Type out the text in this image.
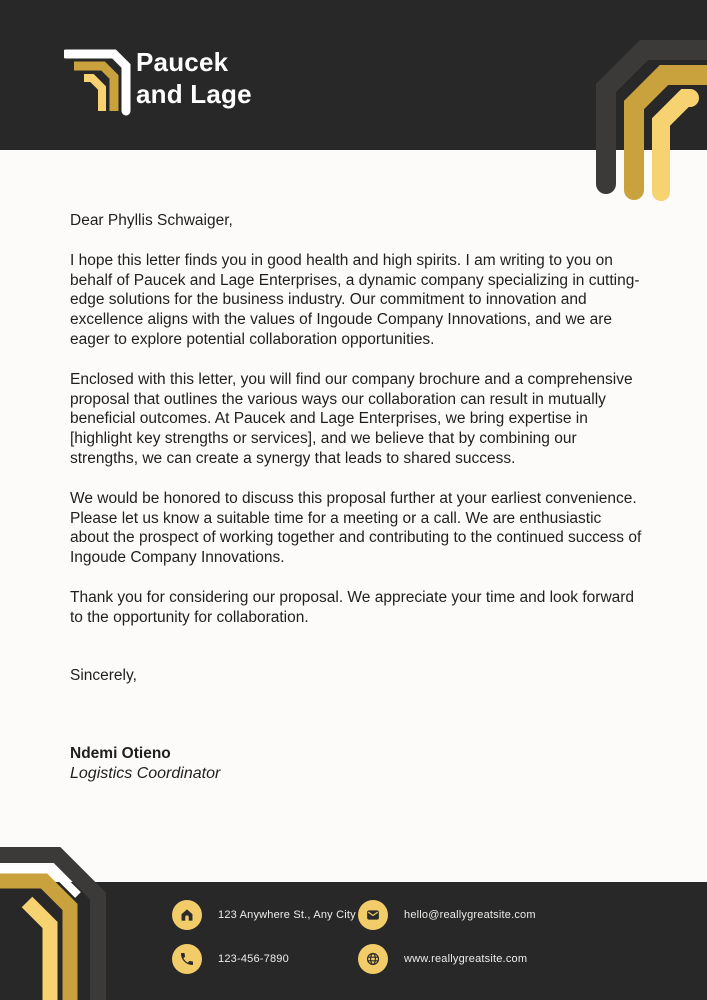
Paucek
and Lage
Dear Phyllis Schwaiger,

I hope this letter finds you in good health and high spirits. I am writing to you on behalf of Paucek and Lage Enterprises, a dynamic company specializing in cutting-edge solutions for the business industry. Our commitment to innovation and excellence aligns with the values of Ingoude Company Innovations, and we are eager to explore potential collaboration opportunities.

Enclosed with this letter, you will find our company brochure and a comprehensive proposal that outlines the various ways our collaboration can result in mutually beneficial outcomes. At Paucek and Lage Enterprises, we bring expertise in [highlight key strengths or services], and we believe that by combining our strengths, we can create a synergy that leads to shared success.

We would be honored to discuss this proposal further at your earliest convenience. Please let us know a suitable time for a meeting or a call. We are enthusiastic about the prospect of working together and contributing to the continued success of Ingoude Company Innovations.

Thank you for considering our proposal. We appreciate your time and look forward to the opportunity for collaboration.

Sincerely,
Ndemi Otieno
Logistics Coordinator
123 Anywhere St., Any City
123-456-7890
hello@reallygreatsite.com
www.reallygreatsite.com
